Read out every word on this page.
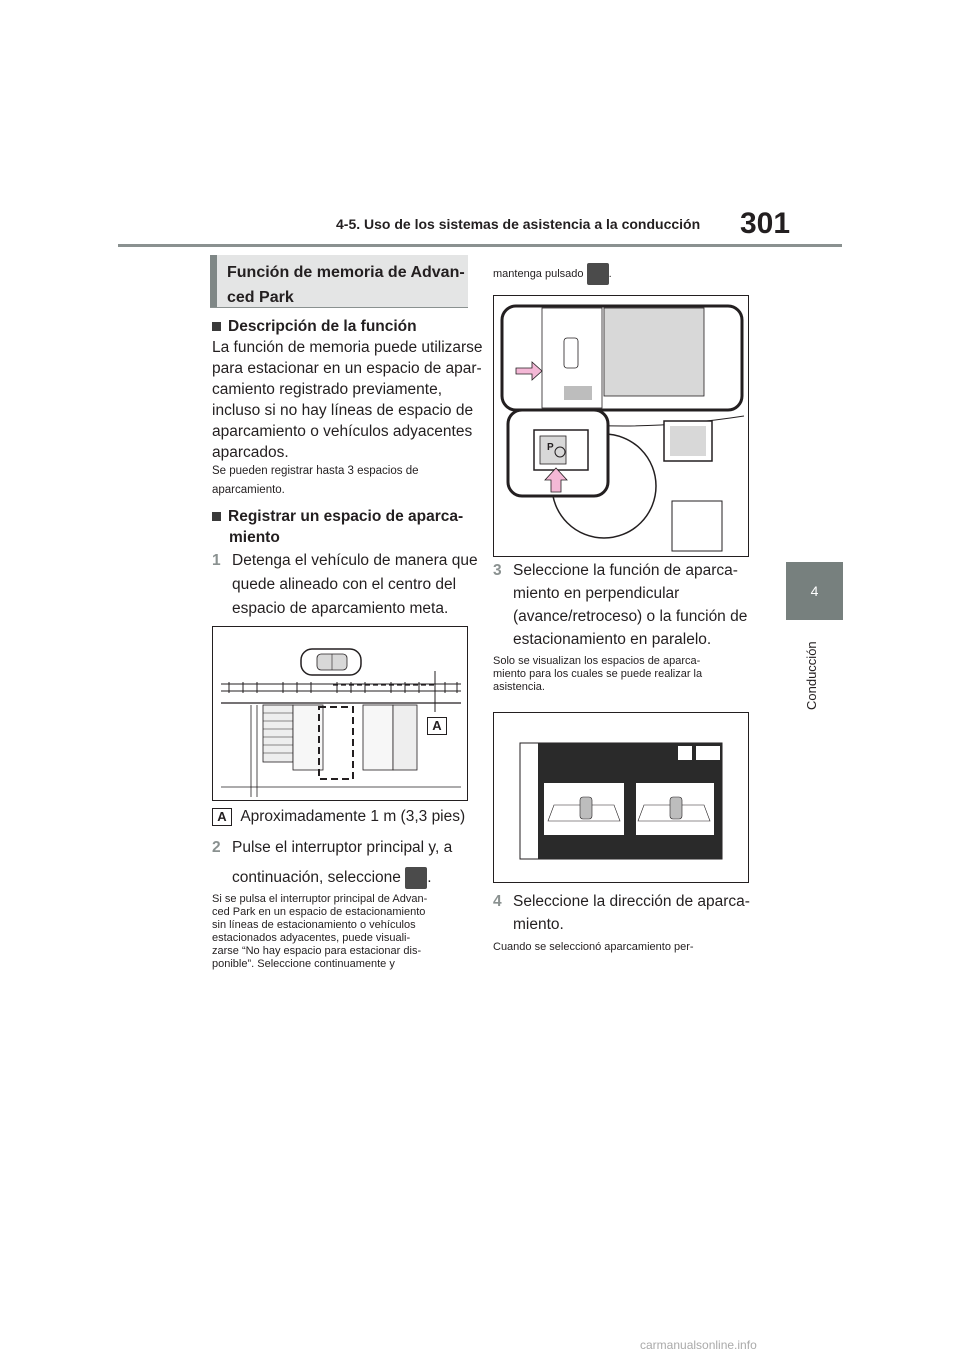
4-5. Uso de los sistemas de asistencia a la conducción 301
4
Conducción
Función de memoria de Advan-
ced Park
Descripción de la función
La función de memoria puede utilizarse
para estacionar en un espacio de apar-
camiento registrado previamente,
incluso si no hay líneas de espacio de
aparcamiento o vehículos adyacentes
aparcados.
Se pueden registrar hasta 3 espacios de
aparcamiento.
Registrar un espacio de aparca-
miento
1 Detenga el vehículo de manera que
quede alineado con el centro del
espacio de aparcamiento meta.
A
A Aproximadamente 1 m (3,3 pies)
2 Pulse el interruptor principal y, a
continuación, seleccione .
Si se pulsa el interruptor principal de Advan-
ced Park en un espacio de estacionamiento
sin líneas de estacionamiento o vehículos
estacionados adyacentes, puede visuali-
zarse “No hay espacio para estacionar dis-
ponible”. Seleccione continuamente y
mantenga pulsado .
P
3 Seleccione la función de aparca-
miento en perpendicular
(avance/retroceso) o la función de
estacionamiento en paralelo.
Solo se visualizan los espacios de aparca-
miento para los cuales se puede realizar la
asistencia.
4 Seleccione la dirección de aparca-
miento.
Cuando se seleccionó aparcamiento per-
carmanualsonline.info
